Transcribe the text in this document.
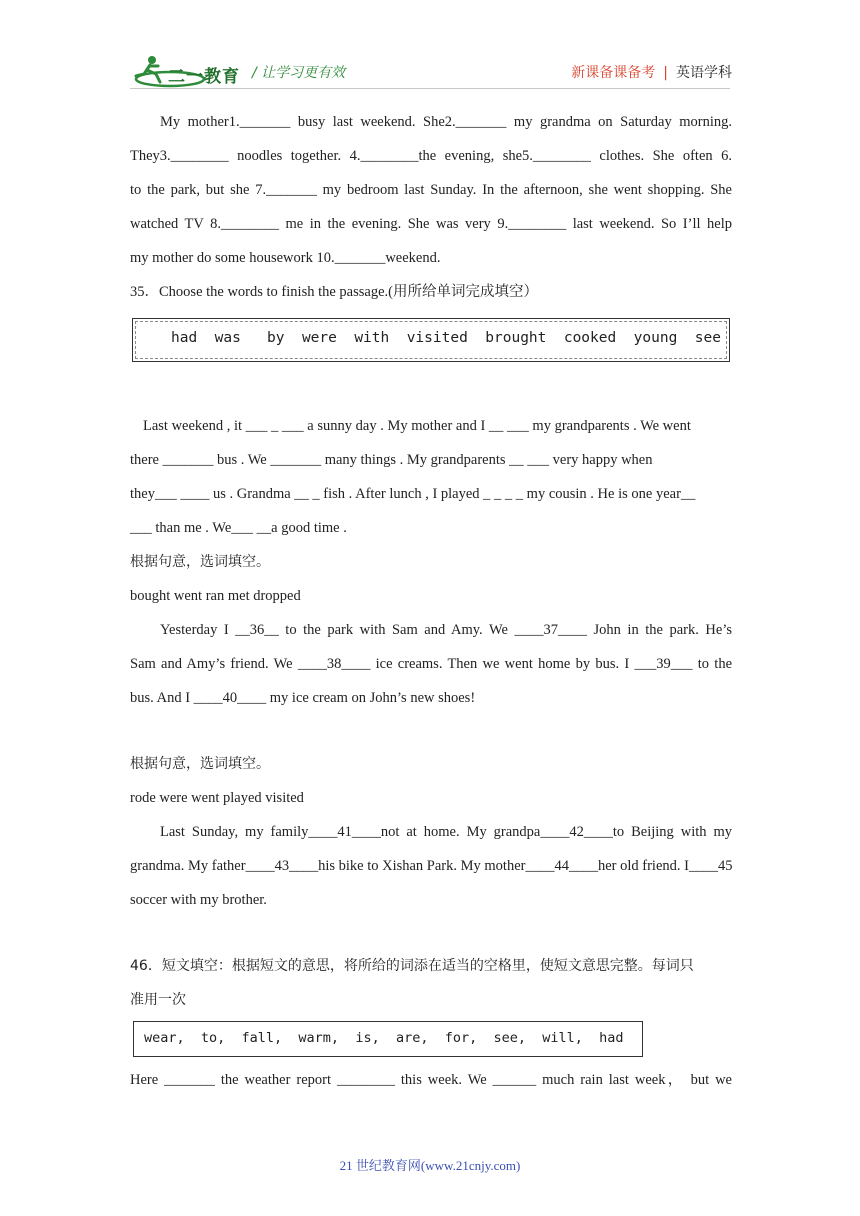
二一教育 / 让学习更有效	新课备课备考 | 英语学科
My mother1._______ busy last weekend. She2._______ my grandma on Saturday morning.
They3.________ noodles together. 4.________the evening, she5.________ clothes. She often 6.
to the park, but she 7._______ my bedroom last Sunday. In the afternoon, she went shopping. She
watched TV 8.________ me in the evening. She was very 9.________ last weekend. So I’ll help
my mother do some housework 10._______weekend.
35．Choose the words to finish the passage.(用所给单词完成填空）
had  was   by  were  with  visited  brought  cooked  young  see
Last weekend , it ___ _ ___ a sunny day . My mother and I __ ___ my grandparents . We went
there _______ bus . We _______ many things . My grandparents __ ___ very happy when
they___ ____ us . Grandma __ _ fish . After lunch , I played _ _ _ _ my cousin . He is one year__
___ than me . We___ __a good time .
根据句意，选词填空。
bought went ran met dropped
Yesterday I __36__ to the park with Sam and Amy. We ____37____ John in the park. He’s
Sam and Amy’s friend. We ____38____ ice creams. Then we went home by bus. I ___39___ to the
bus. And I ____40____ my ice cream on John’s new shoes!
根据句意，选词填空。
rode were went played visited
Last Sunday, my family____41____not at home. My grandpa____42____to Beijing with my
grandma. My father____43____his bike to Xishan Park. My mother____44____her old friend. I____45
soccer with my brother.
46．短文填空：根据短文的意思，将所给的词添在适当的空格里，使短文意思完整。每词只
准用一次
wear,  to,  fall,  warm,  is,  are,  for,  see,  will,  had
Here _______ the weather report ________ this week. We ______ much rain last week， but we
21 世纪教育网(www.21cnjy.com)
